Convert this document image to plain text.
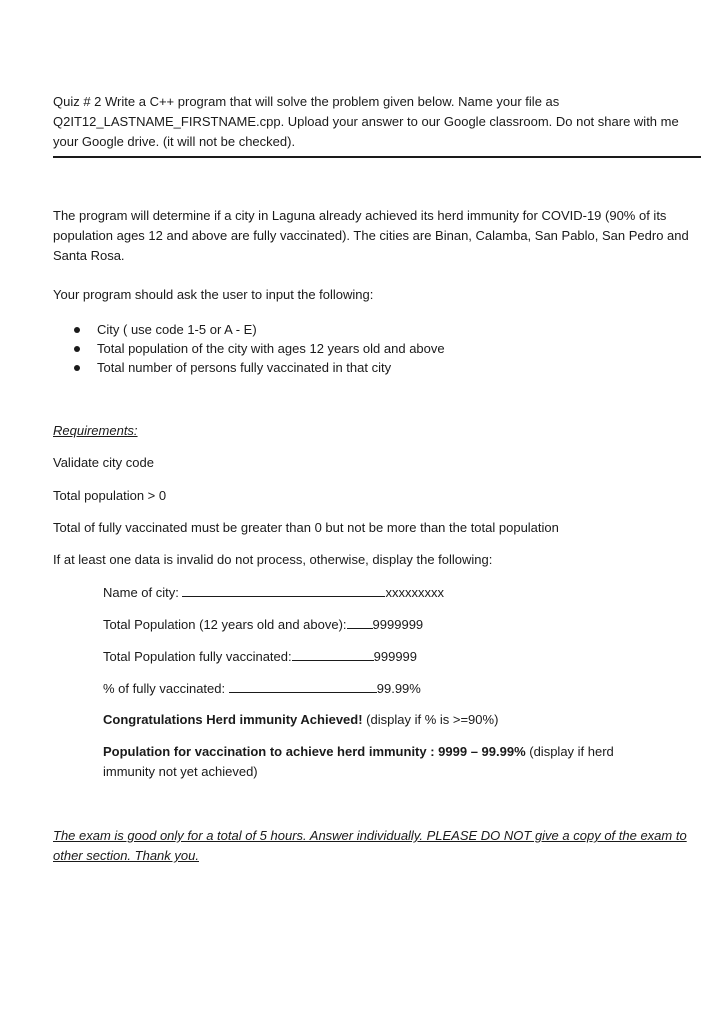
Quiz # 2 Write a C++ program that will solve the problem given below. Name your file as Q2IT12_LASTNAME_FIRSTNAME.cpp. Upload your answer to our Google classroom. Do not share with me your Google drive. (it will not be checked).
The program will determine if a city in Laguna already achieved its herd immunity for COVID-19 (90% of its population ages 12 and above are fully vaccinated). The cities are Binan, Calamba, San Pablo, San Pedro and Santa Rosa.
Your program should ask the user to input the following:
City ( use code 1-5 or A - E)
Total population of the city with ages 12 years old and above
Total number of persons fully vaccinated in that city
Requirements:
Validate city code
Total population > 0
Total of fully vaccinated must be greater than 0 but not be more than the total population
If at least one data is invalid do not process, otherwise, display the following:
Name of city:	xxxxxxxxx
Total Population (12 years old and above): 9999999
Total Population fully vaccinated:	999999
% of fully vaccinated:	99.99%
Congratulations Herd immunity Achieved! (display if % is >=90%)
Population for vaccination to achieve herd immunity : 9999 – 99.99% (display if herd immunity not yet achieved)
The exam is good only for a total of 5 hours. Answer individually. PLEASE DO NOT give a copy of the exam to other section. Thank you.
